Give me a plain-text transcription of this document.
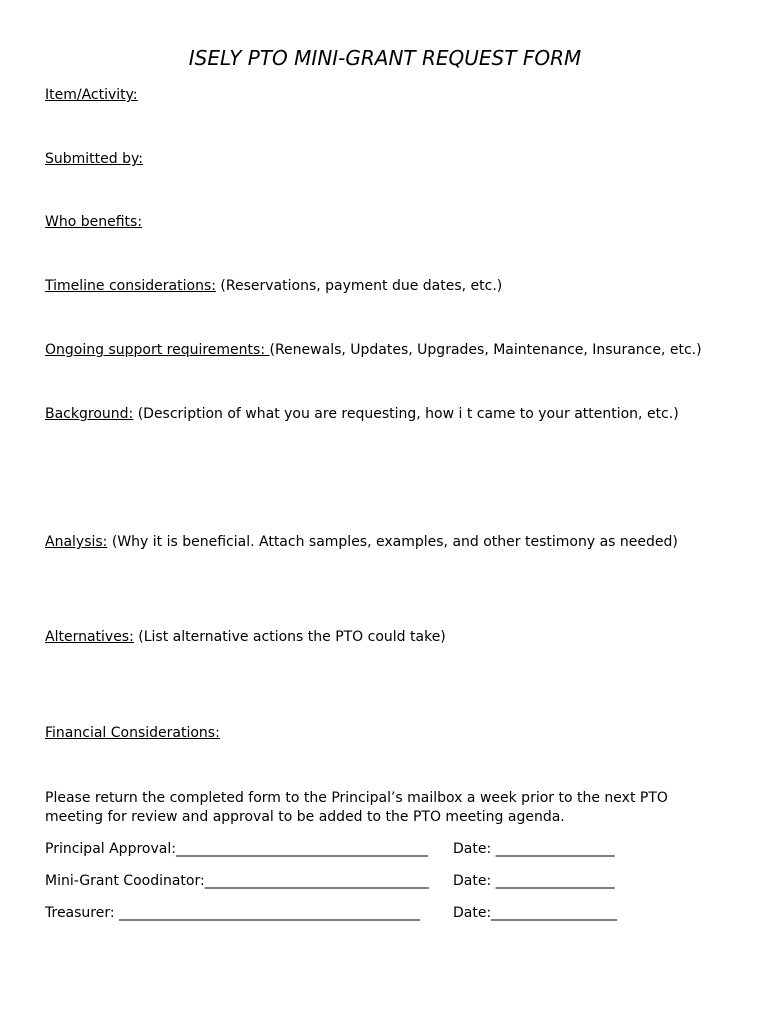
ISELY PTO MINI-GRANT REQUEST FORM
Item/Activity:
Submitted by:
Who benefits:
Timeline considerations: (Reservations, payment due dates, etc.)
Ongoing support requirements: (Renewals, Updates, Upgrades, Maintenance, Insurance, etc.)
Background: (Description of what you are requesting, how i t came to your attention, etc.)
Analysis: (Why it is beneficial. Attach samples, examples, and other testimony as needed)
Alternatives: (List alternative actions the PTO could take)
Financial Considerations:
Please return the completed form to the Principal’s mailbox a week prior to the next PTO meeting for review and approval to be added to the PTO meeting agenda.
Principal Approval:____________________________________ Date: _________________
Mini-Grant Coodinator:________________________________ Date: _________________
Treasurer: ___________________________________________ Date:__________________
